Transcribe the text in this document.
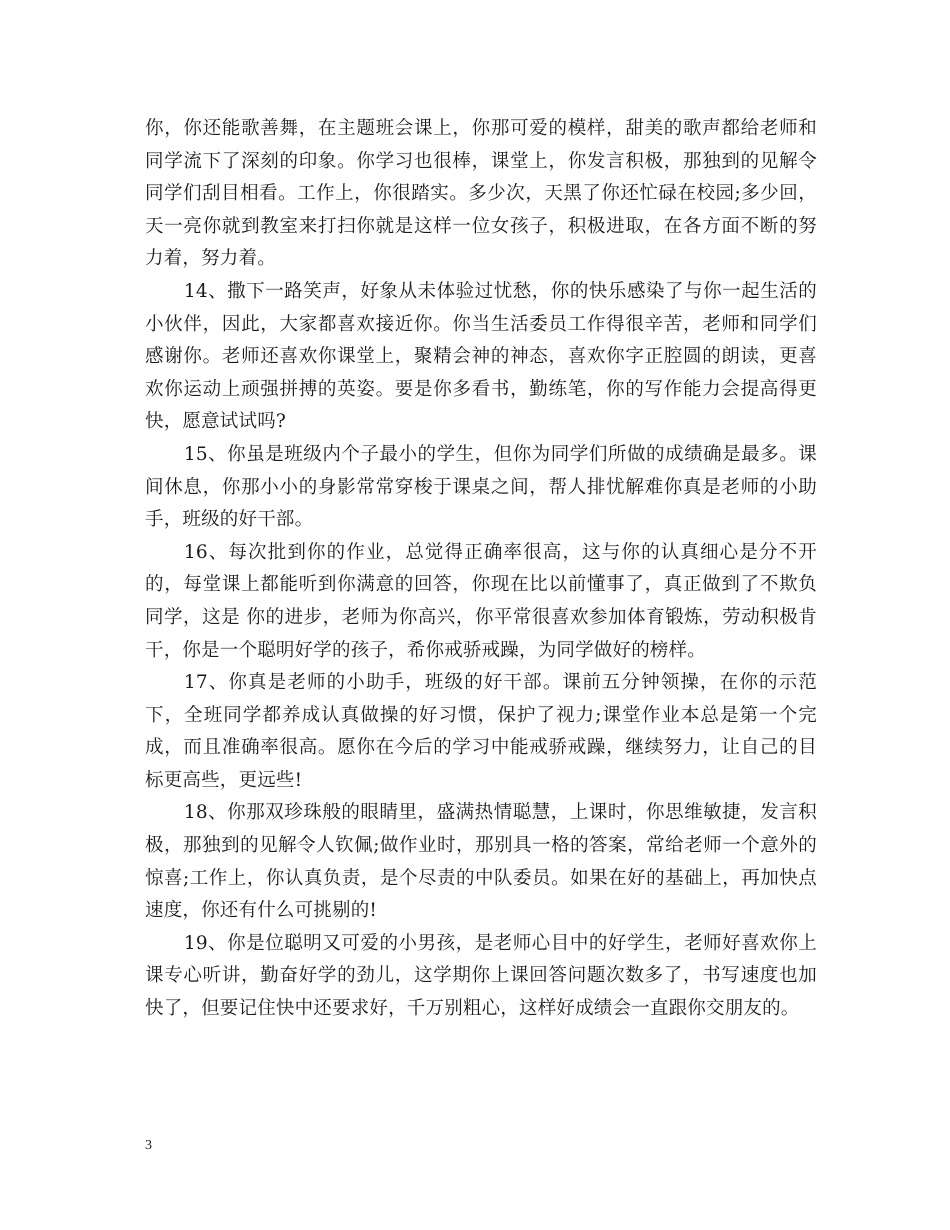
你，你还能歌善舞，在主题班会课上，你那可爱的模样，甜美的歌声都给老师和同学流下了深刻的印象。你学习也很棒，课堂上，你发言积极，那独到的见解令同学们刮目相看。工作上，你很踏实。多少次，天黑了你还忙碌在校园;多少回，天一亮你就到教室来打扫你就是这样一位女孩子，积极进取，在各方面不断的努力着，努力着。

14、撒下一路笑声，好象从未体验过忧愁，你的快乐感染了与你一起生活的小伙伴，因此，大家都喜欢接近你。你当生活委员工作得很辛苦，老师和同学们感谢你。老师还喜欢你课堂上，聚精会神的神态，喜欢你字正腔圆的朗读，更喜欢你运动上顽强拼搏的英姿。要是你多看书，勤练笔，你的写作能力会提高得更快，愿意试试吗?

15、你虽是班级内个子最小的学生，但你为同学们所做的成绩确是最多。课间休息，你那小小的身影常常穿梭于课桌之间，帮人排忧解难你真是老师的小助手，班级的好干部。

16、每次批到你的作业，总觉得正确率很高，这与你的认真细心是分不开的，每堂课上都能听到你满意的回答，你现在比以前懂事了，真正做到了不欺负同学，这是 你的进步，老师为你高兴，你平常很喜欢参加体育锻炼，劳动积极肯干，你是一个聪明好学的孩子，希你戒骄戒躁，为同学做好的榜样。

17、你真是老师的小助手，班级的好干部。课前五分钟领操，在你的示范下，全班同学都养成认真做操的好习惯，保护了视力;课堂作业本总是第一个完成，而且准确率很高。愿你在今后的学习中能戒骄戒躁，继续努力，让自己的目标更高些，更远些!

18、你那双珍珠般的眼睛里，盛满热情聪慧，上课时，你思维敏捷，发言积极，那独到的见解令人钦佩;做作业时，那别具一格的答案，常给老师一个意外的惊喜;工作上，你认真负责，是个尽责的中队委员。如果在好的基础上，再加快点速度，你还有什么可挑剔的!

19、你是位聪明又可爱的小男孩，是老师心目中的好学生，老师好喜欢你上课专心听讲，勤奋好学的劲儿，这学期你上课回答问题次数多了，书写速度也加快了，但要记住快中还要求好，千万别粗心，这样好成绩会一直跟你交朋友的。

3
